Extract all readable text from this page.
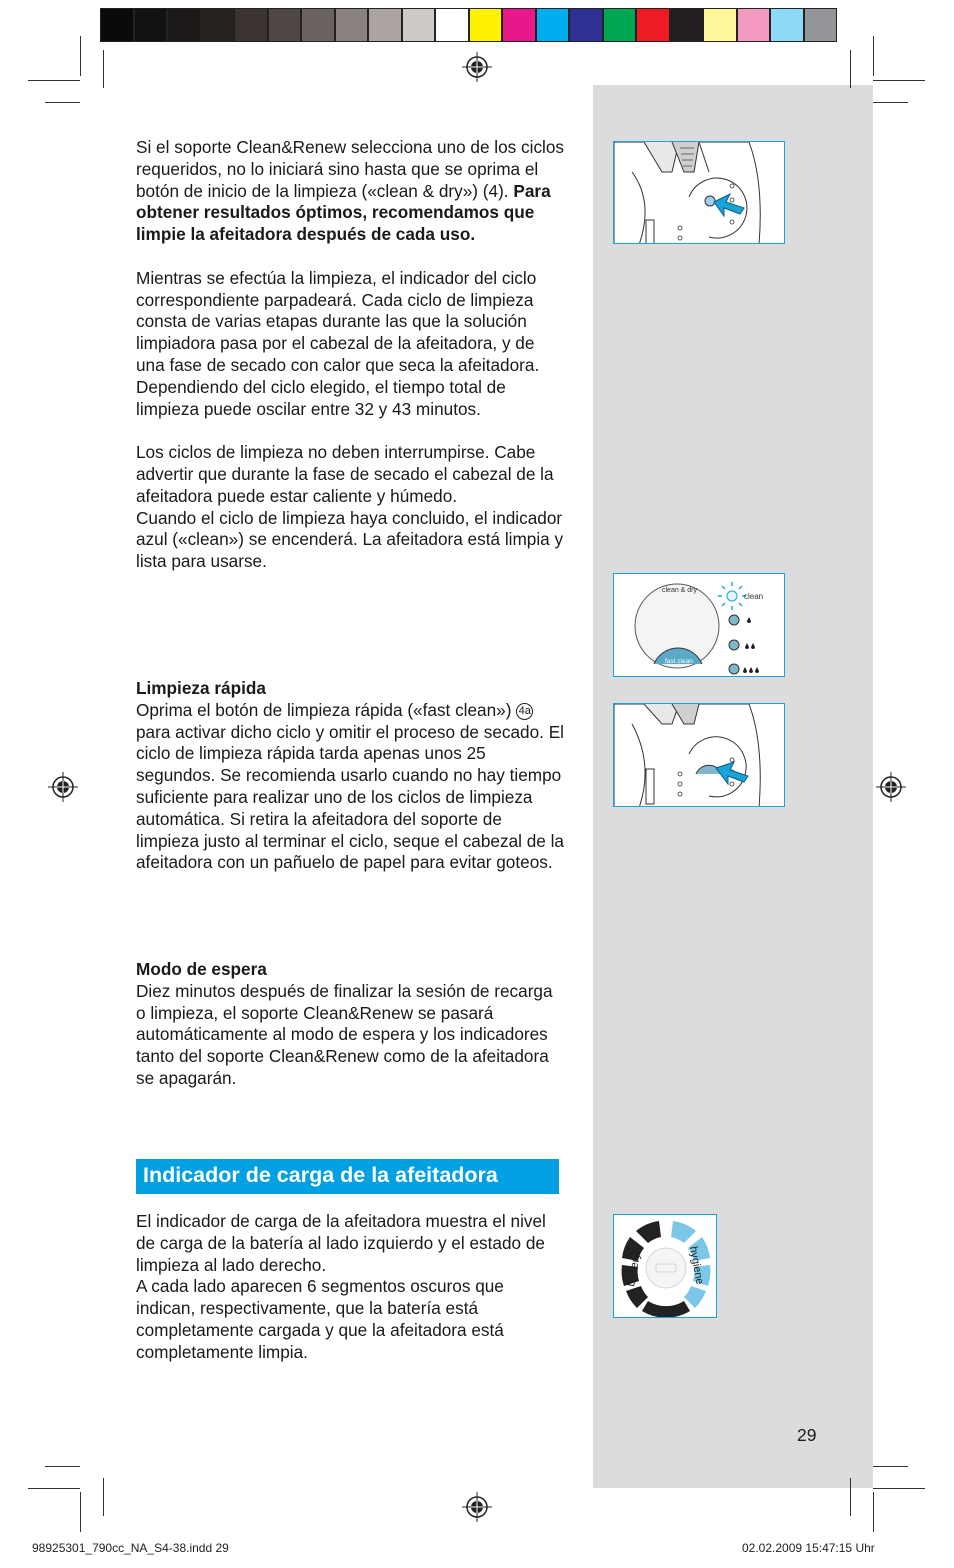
Si el soporte Clean&Renew selecciona uno de los ciclos requeridos, no lo iniciará sino hasta que se oprima el botón de inicio de la limpieza («clean & dry») (4). Para obtener resultados óptimos, recomendamos que limpie la afeitadora después de cada uso.

Mientras se efectúa la limpieza, el indicador del ciclo correspondiente parpadeará. Cada ciclo de limpieza consta de varias etapas durante las que la solución limpiadora pasa por el cabezal de la afeitadora, y de una fase de secado con calor que seca la afeitadora. Dependiendo del ciclo elegido, el tiempo total de limpieza puede oscilar entre 32 y 43 minutos.

Los ciclos de limpieza no deben interrumpirse. Cabe advertir que durante la fase de secado el cabezal de la afeitadora puede estar caliente y húmedo.

Cuando el ciclo de limpieza haya concluido, el indicador azul («clean») se encenderá. La afeitadora está limpia y lista para usarse.

Limpieza rápida

Oprima el botón de limpieza rápida («fast clean») 4a para activar dicho ciclo y omitir el proceso de secado. El ciclo de limpieza rápida tarda apenas unos 25 segundos. Se recomienda usarlo cuando no hay tiempo suficiente para realizar uno de los ciclos de limpieza automática. Si retira la afeitadora del soporte de limpieza justo al terminar el ciclo, seque el cabezal de la afeitadora con un pañuelo de papel para evitar goteos.

Modo de espera

Diez minutos después de finalizar la sesión de recarga o limpieza, el soporte Clean&Renew se pasará automáticamente al modo de espera y los indicadores tanto del soporte Clean&Renew como de la afeitadora se apagarán.

Indicador de carga de la afeitadora

El indicador de carga de la afeitadora muestra el nivel de carga de la batería al lado izquierdo y el estado de limpieza al lado derecho.

A cada lado aparecen 6 segmentos oscuros que indican, respectivamente, que la batería está completamente cargada y que la afeitadora está completamente limpia.

clean & dry
clean
fast clean
battery	hygiene
29
98925301_790cc_NA_S4-38.indd 29	02.02.2009 15:47:15 Uhr
